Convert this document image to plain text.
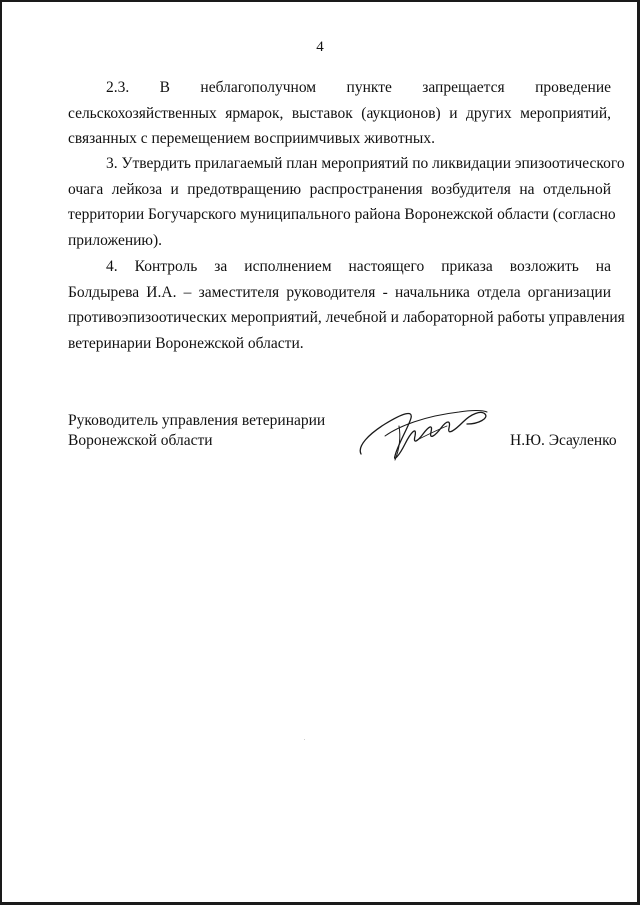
4
2.3. В неблагополучном пункте запрещается проведение
сельскохозяйственных ярмарок, выставок (аукционов) и других мероприятий,
связанных с перемещением восприимчивых животных.
3. Утвердить прилагаемый план мероприятий по ликвидации эпизоотического
очага лейкоза и предотвращению распространения возбудителя на отдельной
территории Богучарского муниципального района Воронежской области (согласно
приложению).
4. Контроль за исполнением настоящего приказа возложить на
Болдырева И.А. – заместителя руководителя - начальника отдела организации
противоэпизоотических мероприятий, лечебной и лабораторной работы управления
ветеринарии Воронежской области.
Руководитель управления ветеринарии
Воронежской области	Н.Ю. Эсауленко
